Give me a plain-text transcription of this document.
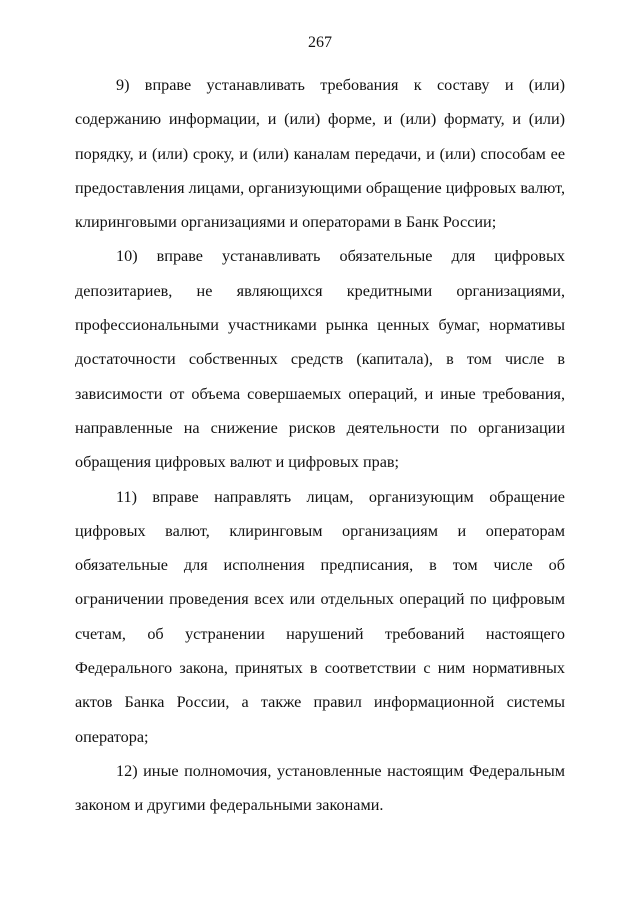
267

9) вправе устанавливать требования к составу и (или) содержанию информации, и (или) форме, и (или) формату, и (или) порядку, и (или) сроку, и (или) каналам передачи, и (или) способам ее предоставления лицами, организующими обращение цифровых валют, клиринговыми организациями и операторами в Банк России;

10) вправе устанавливать обязательные для цифровых депозитариев, не являющихся кредитными организациями, профессиональными участниками рынка ценных бумаг, нормативы достаточности собственных средств (капитала), в том числе в зависимости от объема совершаемых операций, и иные требования, направленные на снижение рисков деятельности по организации обращения цифровых валют и цифровых прав;

11) вправе направлять лицам, организующим обращение цифровых валют, клиринговым организациям и операторам обязательные для исполнения предписания, в том числе об ограничении проведения всех или отдельных операций по цифровым счетам, об устранении нарушений требований настоящего Федерального закона, принятых в соответствии с ним нормативных актов Банка России, а также правил информационной системы оператора;

12) иные полномочия, установленные настоящим Федеральным законом и другими федеральными законами.
